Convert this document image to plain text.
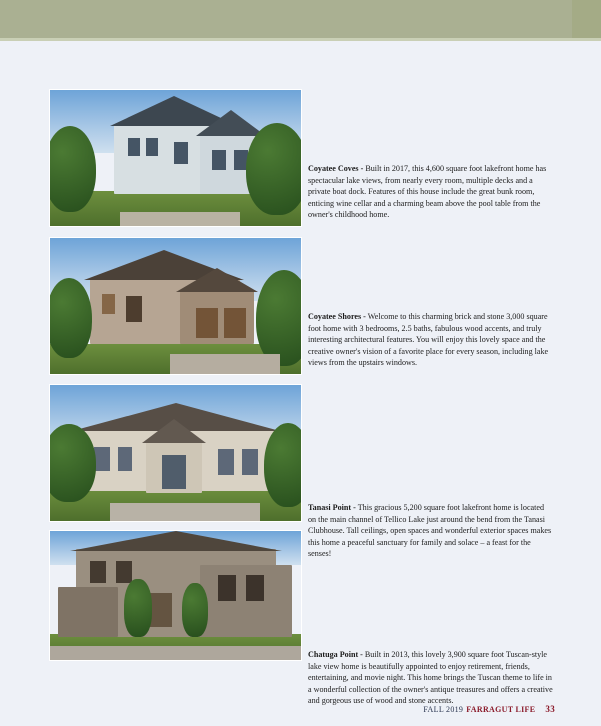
Coyatee Coves - Built in 2017, this 4,600 square foot lakefront home has spectacular lake views, from nearly every room, multiple decks and a private boat dock. Features of this house include the great bunk room, enticing wine cellar and a charming beam above the pool table from the owner's childhood home.
Coyatee Shores - Welcome to this charming brick and stone 3,000 square foot home with 3 bedrooms, 2.5 baths, fabulous wood accents, and truly interesting architectural features. You will enjoy this lovely space and the creative owner's vision of a favorite place for every season, including lake views from the upstairs windows.
Tanasi Point - This gracious 5,200 square foot lakefront home is located on the main channel of Tellico Lake just around the bend from the Tanasi Clubhouse. Tall ceilings, open spaces and wonderful exterior spaces makes this home a peaceful sanctuary for family and solace – a feast for the senses!
Chatuga Point - Built in 2013, this lovely 3,900 square foot Tuscan-style lake view home is beautifully appointed to enjoy retirement, friends, entertaining, and movie night. This home brings the Tuscan theme to life in a wonderful collection of the owner's antique treasures and offers a creative and gorgeous use of wood and stone accents.
FALL 2019 FARRAGUT LIFE 33
